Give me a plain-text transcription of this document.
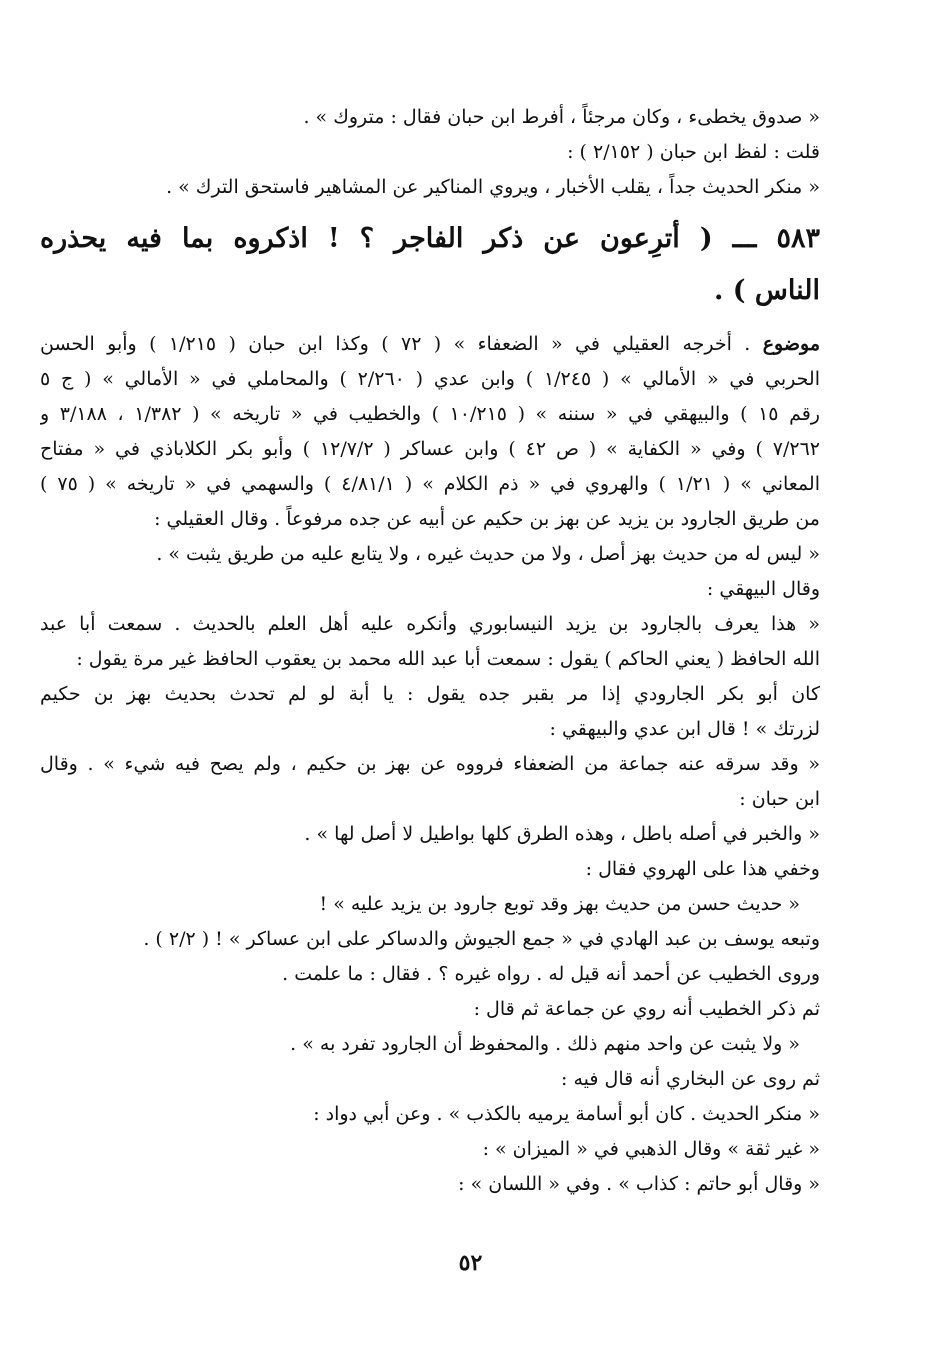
« صدوق يخطىء ، وكان مرجئاً ، أفرط ابن حبان فقال : متروك » .
قلت : لفظ ابن حبان ( ٢/١٥٢ ) :
« منكر الحديث جداً ، يقلب الأخبار ، ويروي المناكير عن المشاهير فاستحق الترك » .
٥٨٣ ـــ ( أترِعون عن ذكر الفاجر ؟ ! اذكروه بما فيه يحذره
الناس ) .
موضوع . أخرجه العقيلي في « الضعفاء » ( ٧٢ ) وكذا ابن حبان ( ١/٢١٥ ) وأبو الحسن
الحربي في « الأمالي » ( ١/٢٤٥ ) وابن عدي ( ٢/٢٦٠ ) والمحاملي في « الأمالي » ( ج ٥
رقم ١٥ ) والبيهقي في « سننه » ( ١٠/٢١٥ ) والخطيب في « تاريخه » ( ١/٣٨٢ ، ٣/١٨٨ و
٧/٢٦٢ ) وفي « الكفاية » ( ص ٤٢ ) وابن عساكر ( ١٢/٧/٢ ) وأبو بكر الكلاباذي في « مفتاح
المعاني » ( ١/٢١ ) والهروي في « ذم الكلام » ( ٤/٨١/١ ) والسهمي في « تاريخه » ( ٧٥ )
من طريق الجارود بن يزيد عن بهز بن حكيم عن أبيه عن جده مرفوعاً . وقال العقيلي :
« ليس له من حديث بهز أصل ، ولا من حديث غيره ، ولا يتابع عليه من طريق يثبت » .
وقال البيهقي :
« هذا يعرف بالجارود بن يزيد النيسابوري وأنكره عليه أهل العلم بالحديث . سمعت أبا عبد
الله الحافظ ( يعني الحاكم ) يقول : سمعت أبا عبد الله محمد بن يعقوب الحافظ غير مرة يقول :
كان أبو بكر الجارودي إذا مر بقبر جده يقول : يا أبة لو لم تحدث بحديث بهز بن حكيم
لزرتك » ! قال ابن عدي والبيهقي :
« وقد سرقه عنه جماعة من الضعفاء فرووه عن بهز بن حكيم ، ولم يصح فيه شيء » . وقال
ابن حبان :
« والخبر في أصله باطل ، وهذه الطرق كلها بواطيل لا أصل لها » .
وخفي هذا على الهروي فقال :
« حديث حسن من حديث بهز وقد توبع جارود بن يزيد عليه » !
وتبعه يوسف بن عبد الهادي في « جمع الجيوش والدساكر على ابن عساكر » ! ( ٢/٢ ) .
وروى الخطيب عن أحمد أنه قيل له . رواه غيره ؟ . فقال : ما علمت .
ثم ذكر الخطيب أنه روي عن جماعة ثم قال :
« ولا يثبت عن واحد منهم ذلك . والمحفوظ أن الجارود تفرد به » .
ثم روى عن البخاري أنه قال فيه :
« منكر الحديث . كان أبو أسامة يرميه بالكذب » . وعن أبي دواد :
« غير ثقة » وقال الذهبي في « الميزان » :
« وقال أبو حاتم : كذاب » . وفي « اللسان » :
٥٢
